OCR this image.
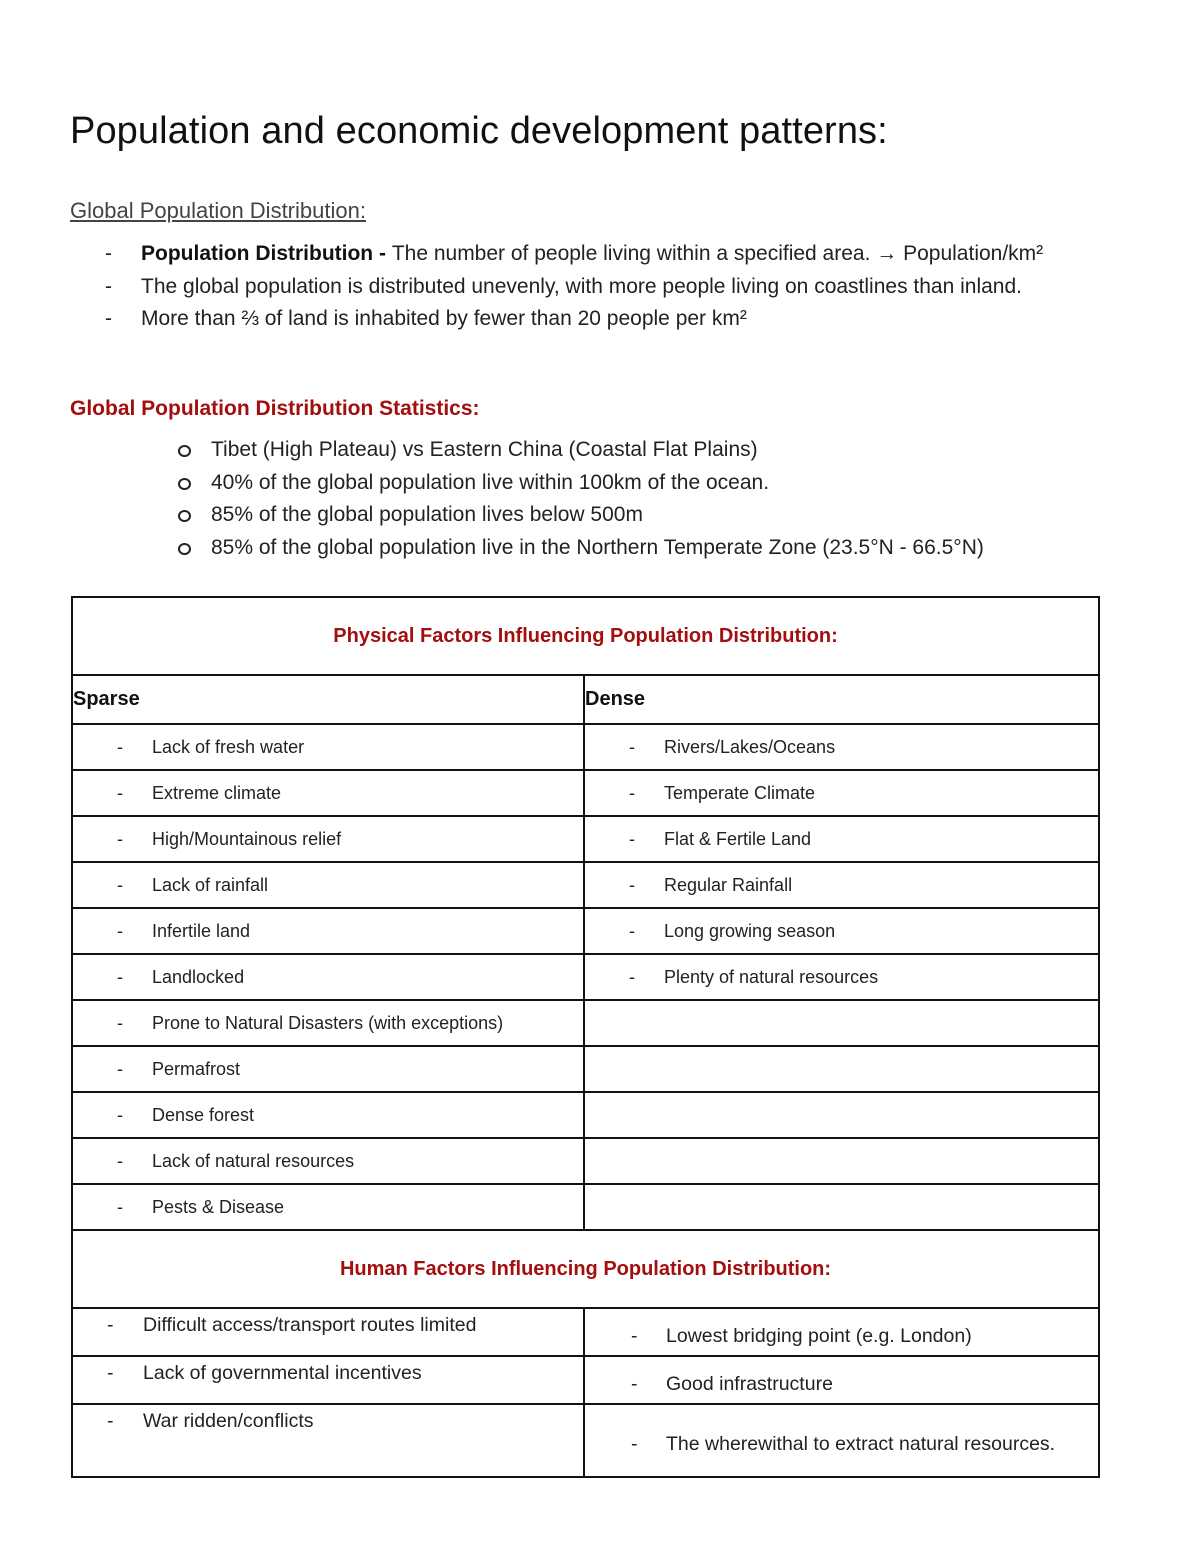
Population and economic development patterns:
Global Population Distribution:
- Population Distribution - The number of people living within a specified area. → Population/km²
- The global population is distributed unevenly, with more people living on coastlines than inland.
- More than ⅔ of land is inhabited by fewer than 20 people per km²
Global Population Distribution Statistics:
Tibet (High Plateau) vs Eastern China (Coastal Flat Plains)
40% of the global population live within 100km of the ocean.
85% of the global population lives below 500m
85% of the global population live in the Northern Temperate Zone (23.5°N - 66.5°N)
Physical Factors Influencing Population Distribution:	
Sparse	Dense

- Lack of fresh water	- Rivers/Lakes/Oceans

- Extreme climate	- Temperate Climate

- High/Mountainous relief	- Flat & Fertile Land

- Lack of rainfall	- Regular Rainfall

- Infertile land	- Long growing season

- Landlocked	- Plenty of natural resources

- Prone to Natural Disasters (with exceptions)	

- Permafrost	

- Dense forest	

- Lack of natural resources	

- Pests & Disease	

Human Factors Influencing Population Distribution:	

- Difficult access/transport routes limited	- Lowest bridging point (e.g. London)

- Lack of governmental incentives	- Good infrastructure

- War ridden/conflicts	- The wherewithal to extract natural resources.
